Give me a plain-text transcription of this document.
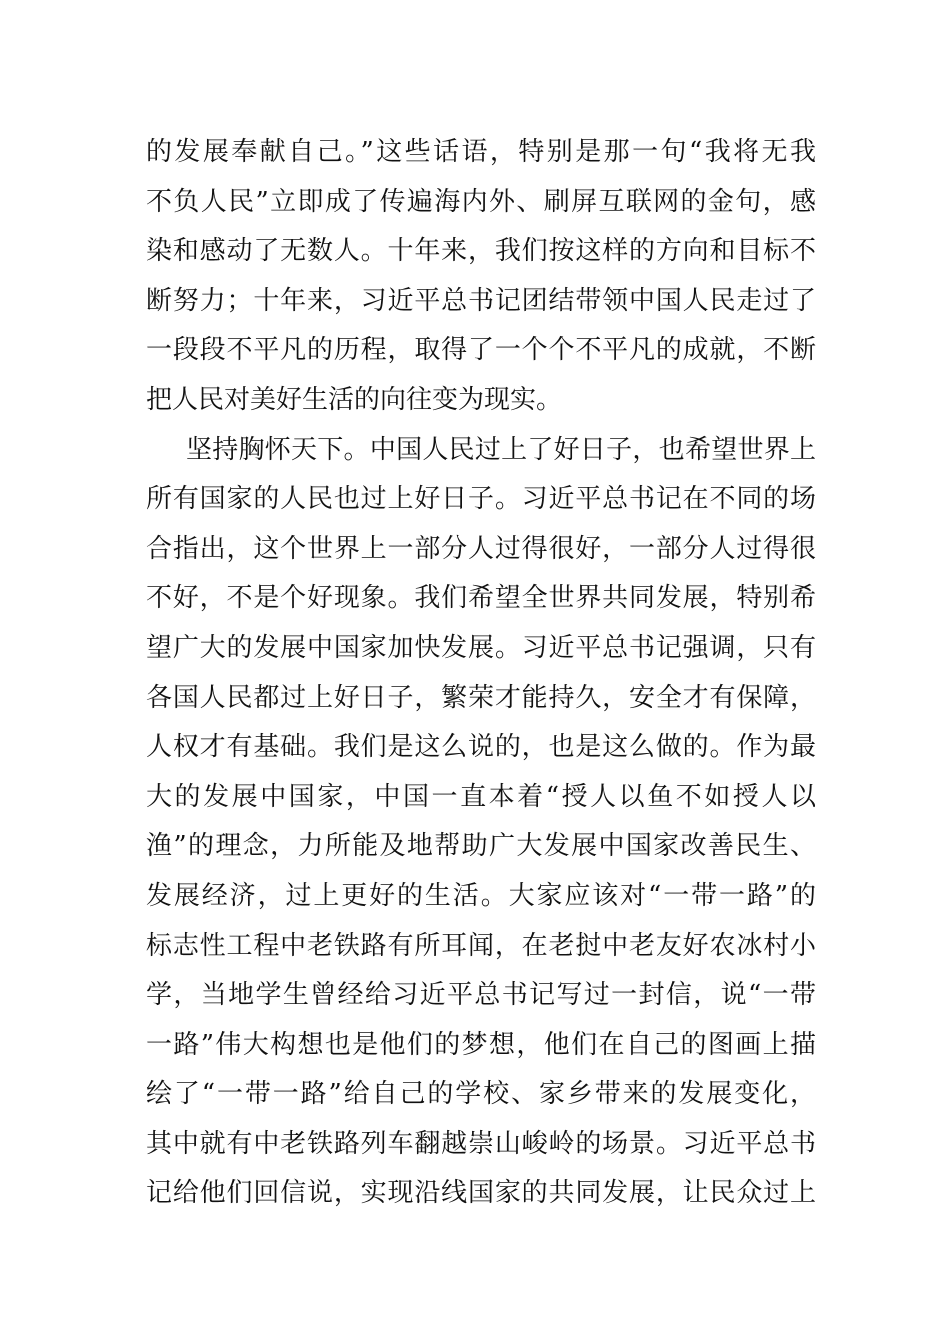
的发展奉献自己。”这些话语，特别是那一句“我将无我
不负人民”立即成了传遍海内外、刷屏互联网的金句，感
染和感动了无数人。十年来，我们按这样的方向和目标不
断努力；十年来，习近平总书记团结带领中国人民走过了
一段段不平凡的历程，取得了一个个不平凡的成就，不断
把人民对美好生活的向往变为现实。
坚持胸怀天下。中国人民过上了好日子，也希望世界上
所有国家的人民也过上好日子。习近平总书记在不同的场
合指出，这个世界上一部分人过得很好，一部分人过得很
不好，不是个好现象。我们希望全世界共同发展，特别希
望广大的发展中国家加快发展。习近平总书记强调，只有
各国人民都过上好日子，繁荣才能持久，安全才有保障，
人权才有基础。我们是这么说的，也是这么做的。作为最
大的发展中国家，中国一直本着“授人以鱼不如授人以
渔”的理念，力所能及地帮助广大发展中国家改善民生、
发展经济，过上更好的生活。大家应该对“一带一路”的
标志性工程中老铁路有所耳闻，在老挝中老友好农冰村小
学，当地学生曾经给习近平总书记写过一封信，说“一带
一路”伟大构想也是他们的梦想，他们在自己的图画上描
绘了“一带一路”给自己的学校、家乡带来的发展变化，
其中就有中老铁路列车翻越崇山峻岭的场景。习近平总书
记给他们回信说，实现沿线国家的共同发展，让民众过上
